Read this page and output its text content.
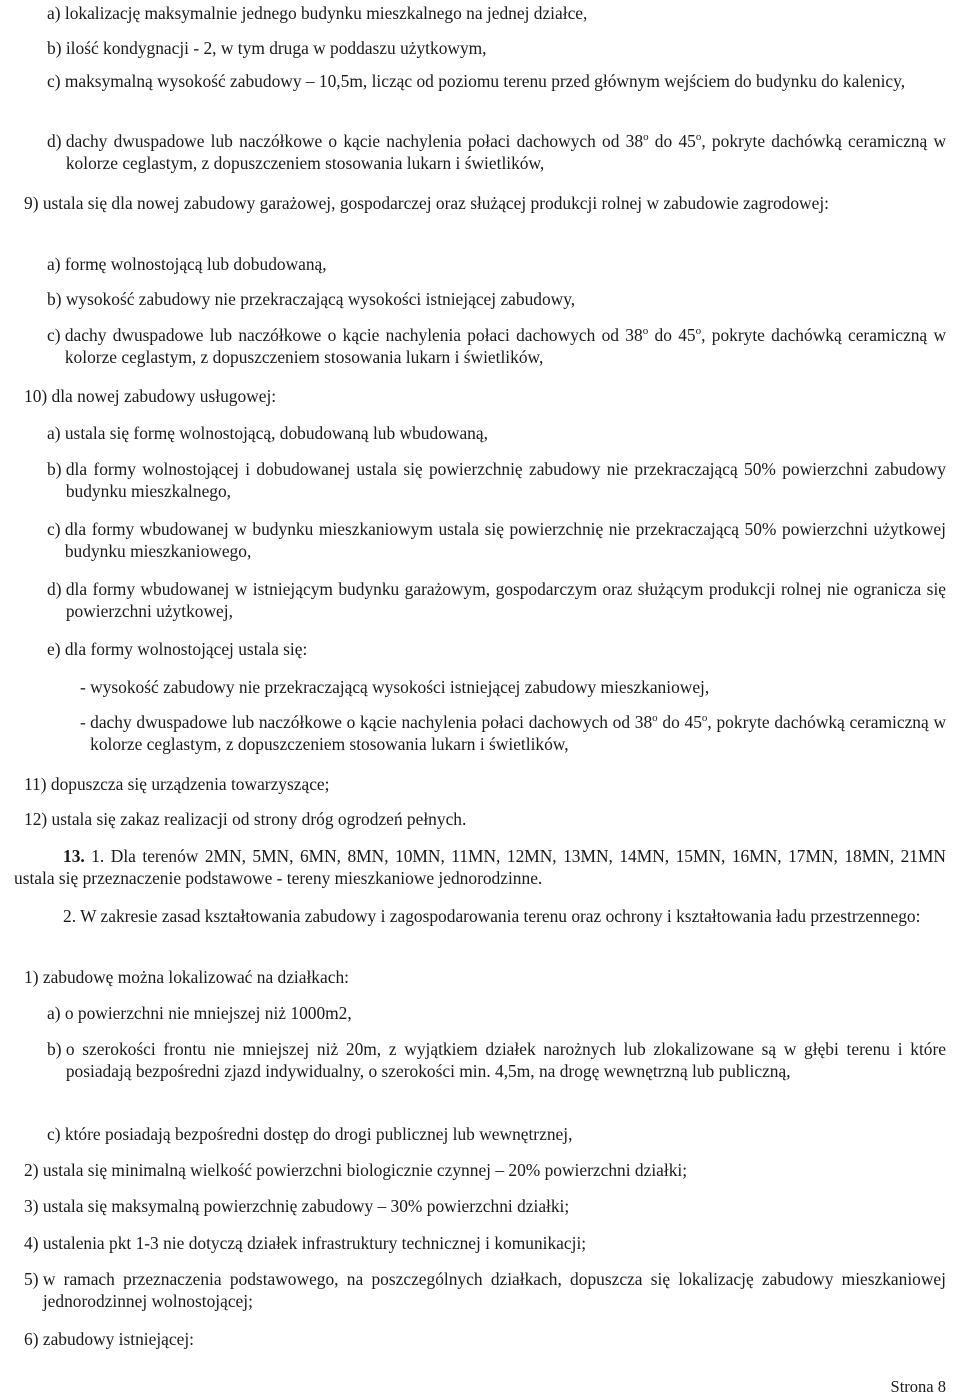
a) lokalizację maksymalnie jednego budynku mieszkalnego na jednej działce,
b) ilość kondygnacji - 2, w tym druga w poddaszu użytkowym,
c) maksymalną wysokość zabudowy – 10,5m, licząc od poziomu terenu przed głównym wejściem do budynku do kalenicy,
d) dachy dwuspadowe lub naczółkowe o kącie nachylenia połaci dachowych od 38$^o$ do 45$^o$, pokryte dachówką ceramiczną w kolorze ceglastym, z dopuszczeniem stosowania lukarn i świetlików,
9) ustala się dla nowej zabudowy garażowej, gospodarczej oraz służącej produkcji rolnej w zabudowie zagrodowej:
a) formę wolnostojącą lub dobudowaną,
b) wysokość zabudowy nie przekraczającą wysokości istniejącej zabudowy,
c) dachy dwuspadowe lub naczółkowe o kącie nachylenia połaci dachowych od 38$^o$ do 45$^o$, pokryte dachówką ceramiczną w kolorze ceglastym, z dopuszczeniem stosowania lukarn i świetlików,
10) dla nowej zabudowy usługowej:
a) ustala się formę wolnostojącą, dobudowaną lub wbudowaną,
b) dla formy wolnostojącej i dobudowanej ustala się powierzchnię zabudowy nie przekraczającą 50% powierzchni zabudowy budynku mieszkalnego,
c) dla formy wbudowanej w budynku mieszkaniowym ustala się powierzchnię nie przekraczającą 50% powierzchni użytkowej budynku mieszkaniowego,
d) dla formy wbudowanej w istniejącym budynku garażowym, gospodarczym oraz służącym produkcji rolnej nie ogranicza się powierzchni użytkowej,
e) dla formy wolnostojącej ustala się:
- wysokość zabudowy nie przekraczającą wysokości istniejącej zabudowy mieszkaniowej,
- dachy dwuspadowe lub naczółkowe o kącie nachylenia połaci dachowych od 38$^o$ do 45$^o$, pokryte dachówką ceramiczną w kolorze ceglastym, z dopuszczeniem stosowania lukarn i świetlików,
11) dopuszcza się urządzenia towarzyszące;
12) ustala się zakaz realizacji od strony dróg ogrodzeń pełnych.
13. 1. Dla terenów 2MN, 5MN, 6MN, 8MN, 10MN, 11MN, 12MN, 13MN, 14MN, 15MN, 16MN, 17MN, 18MN, 21MN ustala się przeznaczenie podstawowe - tereny mieszkaniowe jednorodzinne.
2. W zakresie zasad kształtowania zabudowy i zagospodarowania terenu oraz ochrony i kształtowania ładu przestrzennego:
1) zabudowę można lokalizować na działkach:
a) o powierzchni nie mniejszej niż 1000m2,
b) o szerokości frontu nie mniejszej niż 20m, z wyjątkiem działek narożnych lub zlokalizowane są w głębi terenu i które posiadają bezpośredni zjazd indywidualny, o szerokości min. 4,5m, na drogę wewnętrzną lub publiczną,
c) które posiadają bezpośredni dostęp do drogi publicznej lub wewnętrznej,
2) ustala się minimalną wielkość powierzchni biologicznie czynnej – 20% powierzchni działki;
3) ustala się maksymalną powierzchnię zabudowy – 30% powierzchni działki;
4) ustalenia pkt 1-3 nie dotyczą działek infrastruktury technicznej i komunikacji;
5) w ramach przeznaczenia podstawowego, na poszczególnych działkach, dopuszcza się lokalizację zabudowy mieszkaniowej jednorodzinnej wolnostojącej;
6) zabudowy istniejącej:
Strona 8
